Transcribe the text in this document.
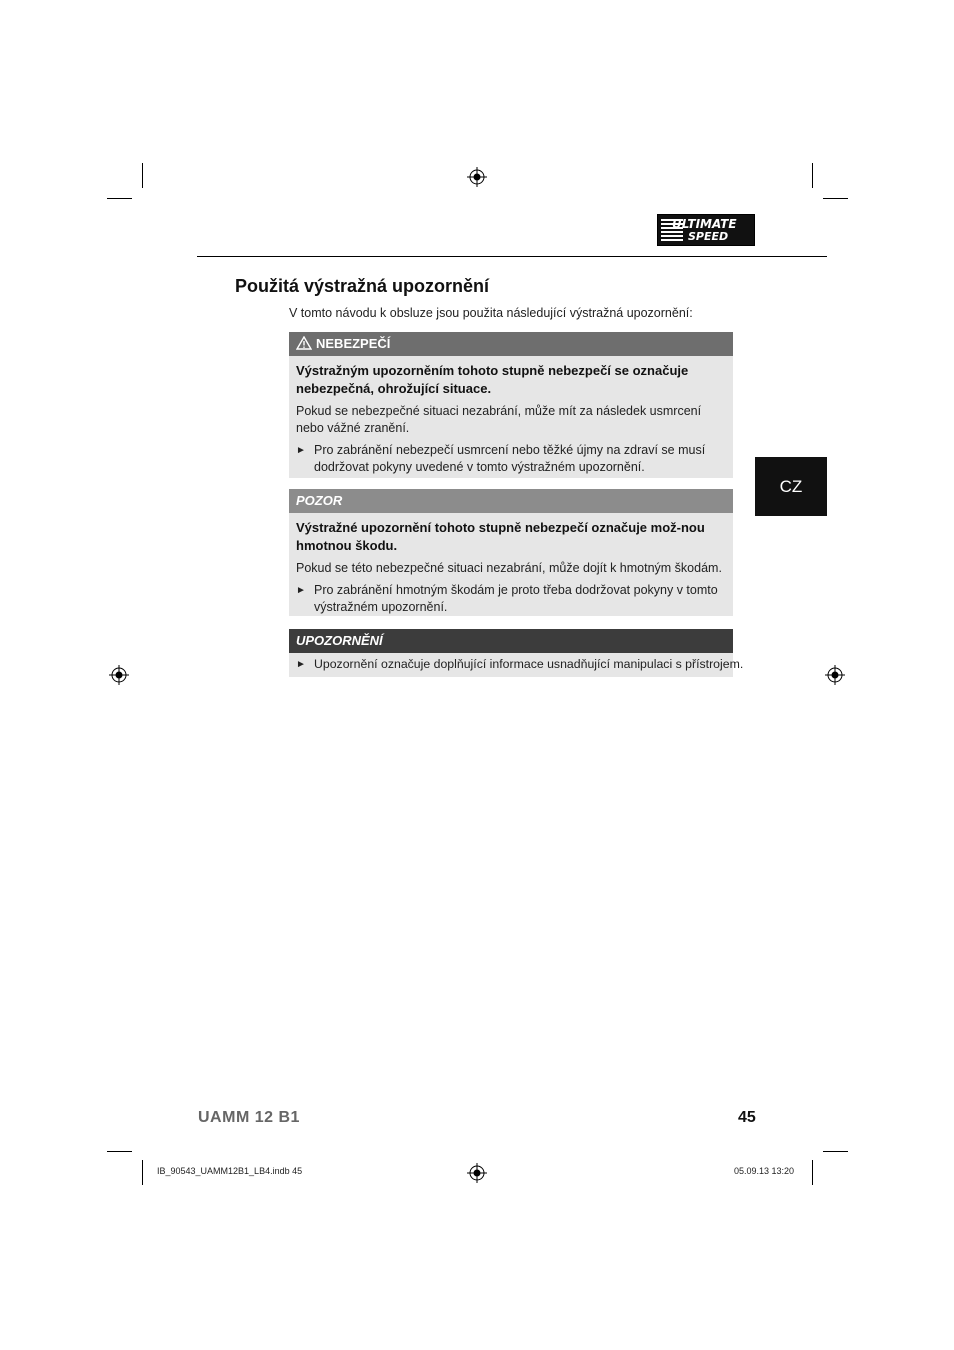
ULTIMATE
SPEED
Použitá výstražná upozornění
V tomto návodu k obsluze jsou použita následující výstražná upozornění:
NEBEZPEČÍ

Výstražným upozorněním tohoto stupně nebezpečí se označuje nebezpečná, ohrožující situace.

Pokud se nebezpečné situaci nezabrání, může mít za následek usmrcení nebo vážné zranění.

► Pro zabránění nebezpečí usmrcení nebo těžké újmy na zdraví se musí dodržovat pokyny uvedené v tomto výstražném upozornění.
POZOR

Výstražné upozornění tohoto stupně nebezpečí označuje mož-nou hmotnou škodu.

Pokud se této nebezpečné situaci nezabrání, může dojít k hmotným škodám.

► Pro zabránění hmotným škodám je proto třeba dodržovat pokyny v tomto výstražném upozornění.
UPOZORNĚNÍ
► Upozornění označuje doplňující informace usnadňující manipulaci s přístrojem.
CZ
UAMM 12 B1	45
IB_90543_UAMM12B1_LB4.indb 45	05.09.13 13:20
